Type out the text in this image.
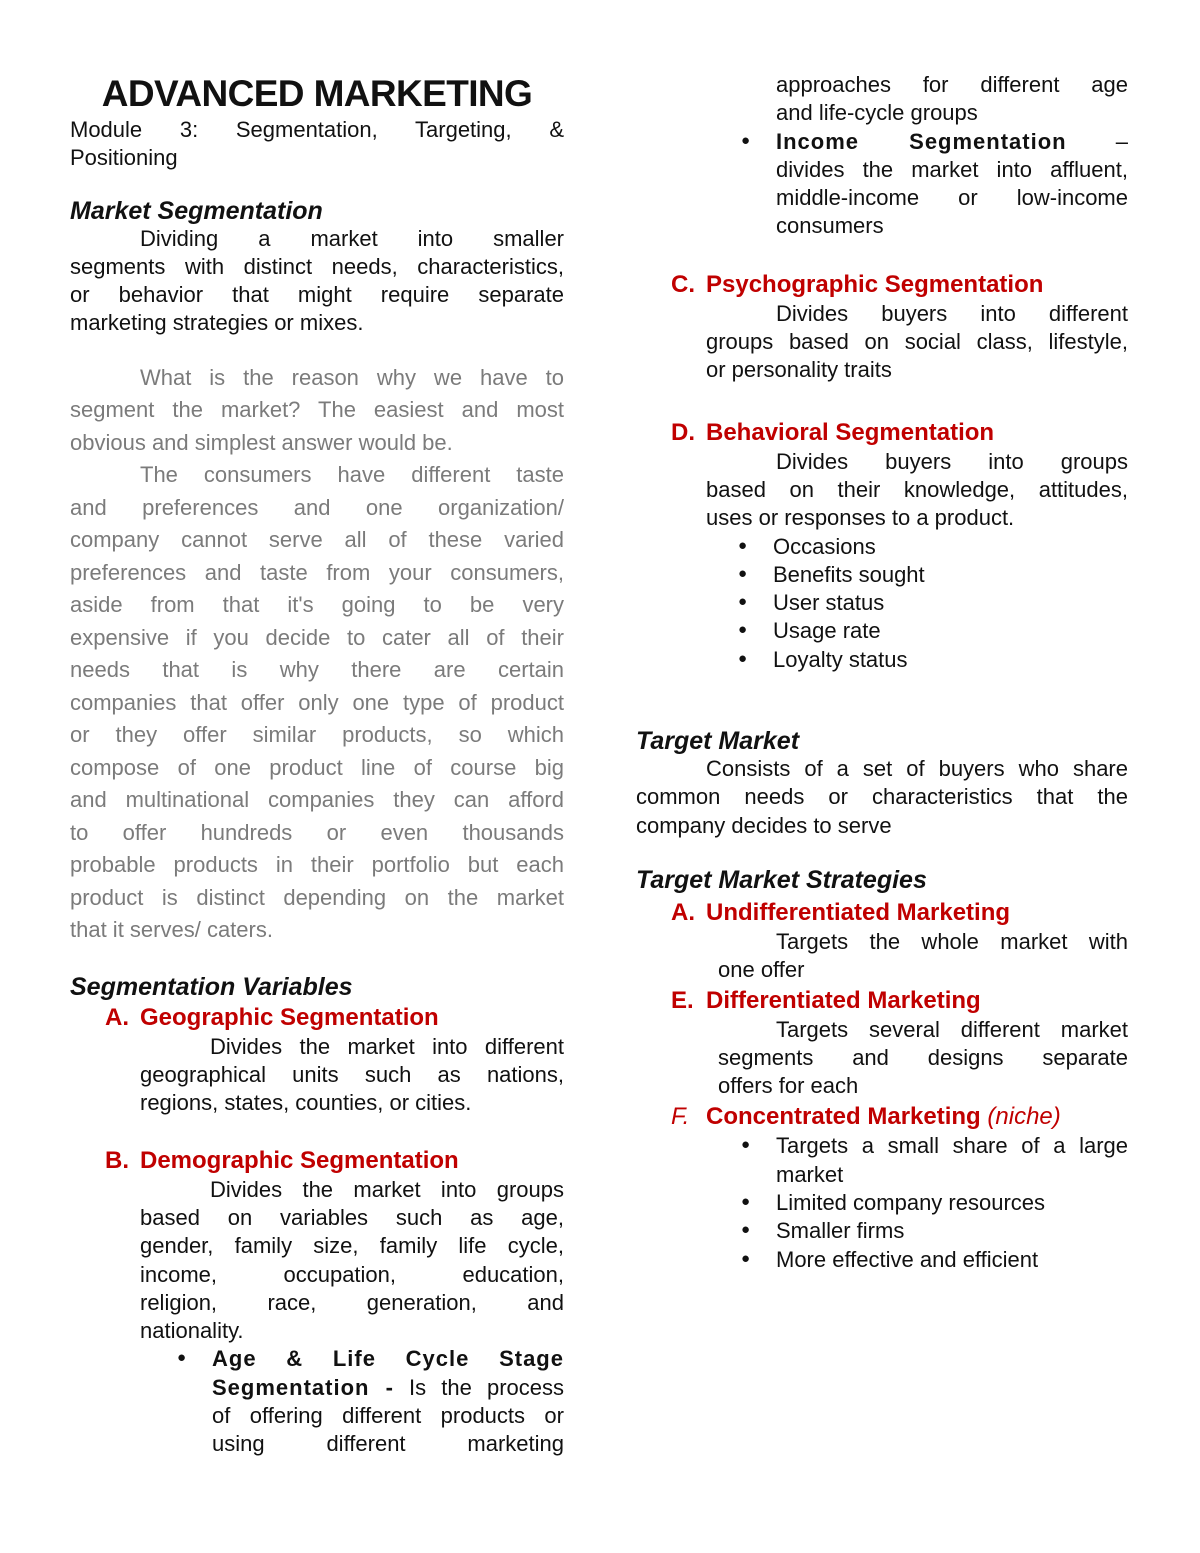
ADVANCED MARKETING

Module 3: Segmentation, Targeting, &

Positioning

Market Segmentation

Dividing a market into smaller

segments with distinct needs, characteristics,

or behavior that might require separate

marketing strategies or mixes.

What is the reason why we have to

segment the market? The easiest and most

obvious and simplest answer would be.

The consumers have different taste

and preferences and one organization/

company cannot serve all of these varied

preferences and taste from your consumers,

aside from that it's going to be very

expensive if you decide to cater all of their

needs that is why there are certain

companies that offer only one type of product

or they offer similar products, so which

compose of one product line of course big

and multinational companies they can afford

to offer hundreds or even thousands

probable products in their portfolio but each

product is distinct depending on the market

that it serves/ caters.

Segmentation Variables

A. Geographic Segmentation

Divides the market into different

geographical units such as nations,

regions, states, counties, or cities.

B. Demographic Segmentation

Divides the market into groups

based on variables such as age,

gender, family size, family life cycle,

income, occupation, education,

religion, race, generation, and

nationality.

● Age & Life Cycle Stage

Segmentation - Is the process

of offering different products or

using different marketing

approaches for different age

and life-cycle groups

● Income Segmentation –

divides the market into affluent,

middle-income or low-income

consumers

C. Psychographic Segmentation

Divides buyers into different

groups based on social class, lifestyle,

or personality traits

D. Behavioral Segmentation

Divides buyers into groups

based on their knowledge, attitudes,

uses or responses to a product.

● Occasions
● Benefits sought
● User status
● Usage rate
● Loyalty status

Target Market

Consists of a set of buyers who share

common needs or characteristics that the

company decides to serve

Target Market Strategies

A. Undifferentiated Marketing

Targets the whole market with

one offer

E. Differentiated Marketing

Targets several different market

segments and designs separate

offers for each

F. Concentrated Marketing
(niche)

● Targets a small share of a large

market

● Limited company resources
● Smaller firms
● More effective and efficient
